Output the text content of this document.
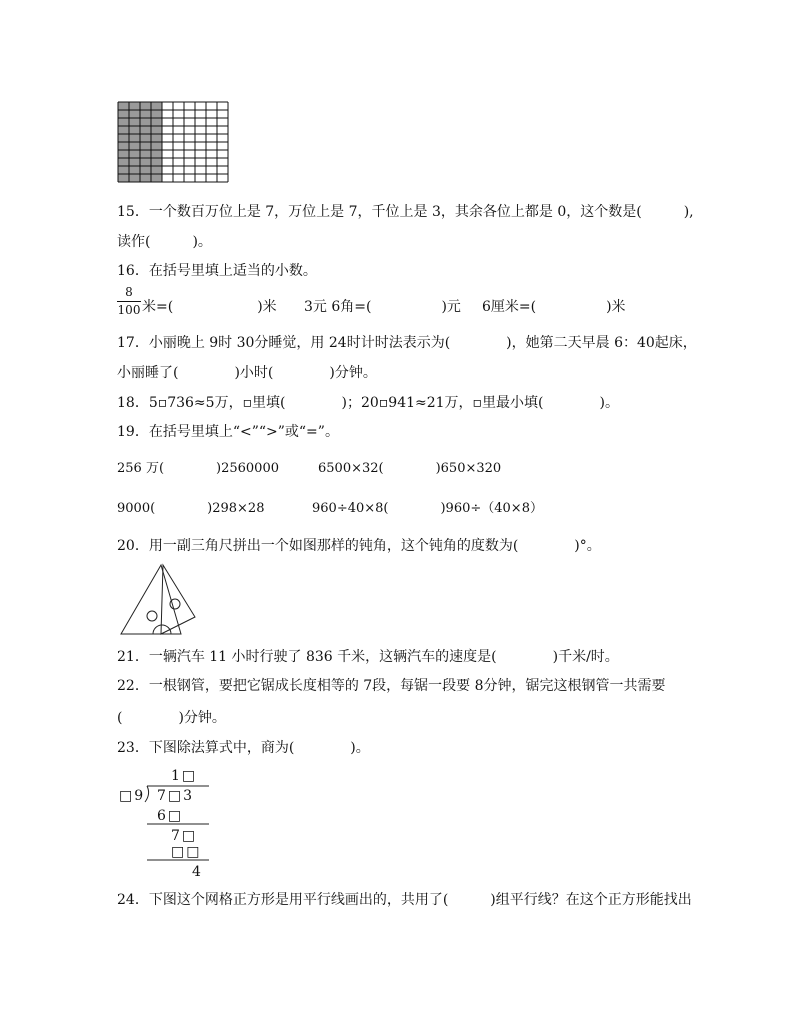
15．一个数百万位上是 7，万位上是 7，千位上是 3，其余各位上都是 0，这个数是(　　　),
读作(　　　)。
16．在括号里填上适当的小数。
8
100 米=(　　　　　　)米 3元 6角=(　　　　　)元 6厘米=(　　　　　)米
17．小丽晚上 9时 30分睡觉，用 24时计时法表示为(　　　　)，她第二天早晨 6：40起床，
小丽睡了(　　　　)小时(　　　　)分钟。
18．5▫736≈5万，▫里填(　　　　)；20▫941≈21万，▫里最小填(　　　　)。
19．在括号里填上“<”“>”或“=”。
256 万(　　　　)2560000	6500×32(　　　　)650×320
9000(　　　　)298×28	960÷40×8(　　　　)960÷（40×8）
20．用一副三角尺拼出一个如图那样的钝角，这个钝角的度数为(　　　　)°。
21．一辆汽车 11 小时行驶了 836 千米，这辆汽车的速度是(　　　　)千米/时。
22．一根钢管，要把它锯成长度相等的 7段，每锯一段要 8分钟，锯完这根钢管一共需要
(　　　　)分钟。
23．下图除法算式中，商为(　　　　)。
1□
□9 7□3
6□
7□
□□
4
24．下图这个网格正方形是用平行线画出的，共用了(　　　)组平行线？在这个正方形能找出
